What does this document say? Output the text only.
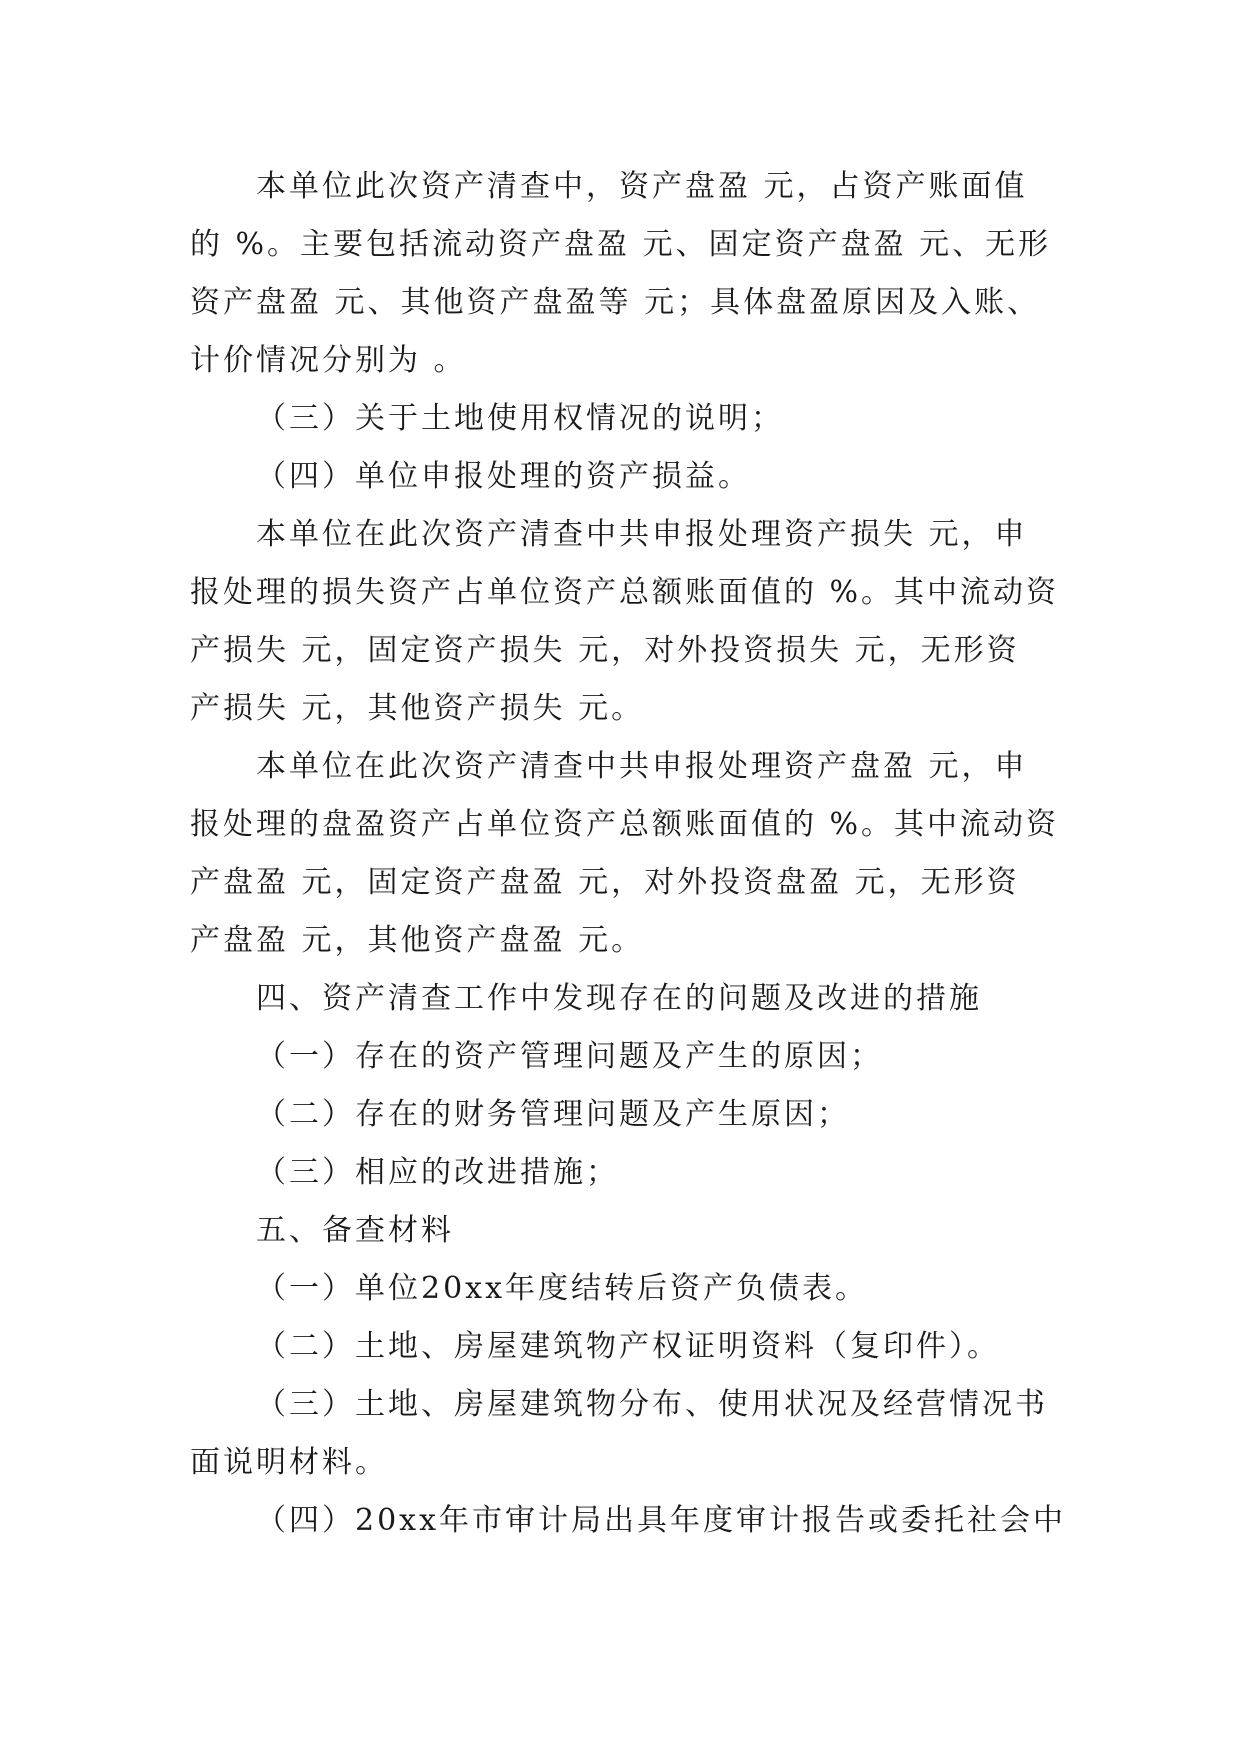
本单位此次资产清查中，资产盘盈 元，占资产账面值
的 %。主要包括流动资产盘盈 元、固定资产盘盈 元、无形
资产盘盈 元、其他资产盘盈等 元；具体盘盈原因及入账、
计价情况分别为 。
（三）关于土地使用权情况的说明；
（四）单位申报处理的资产损益。
本单位在此次资产清查中共申报处理资产损失 元，申
报处理的损失资产占单位资产总额账面值的 %。其中流动资
产损失 元，固定资产损失 元，对外投资损失 元，无形资
产损失 元，其他资产损失 元。
本单位在此次资产清查中共申报处理资产盘盈 元，申
报处理的盘盈资产占单位资产总额账面值的 %。其中流动资
产盘盈 元，固定资产盘盈 元，对外投资盘盈 元，无形资
产盘盈 元，其他资产盘盈 元。
四、资产清查工作中发现存在的问题及改进的措施
（一）存在的资产管理问题及产生的原因；
（二）存在的财务管理问题及产生原因；
（三）相应的改进措施；
五、备查材料
（一）单位20xx年度结转后资产负债表。
（二）土地、房屋建筑物产权证明资料（复印件）。
（三）土地、房屋建筑物分布、使用状况及经营情况书
面说明材料。
（四）20xx年市审计局出具年度审计报告或委托社会中
